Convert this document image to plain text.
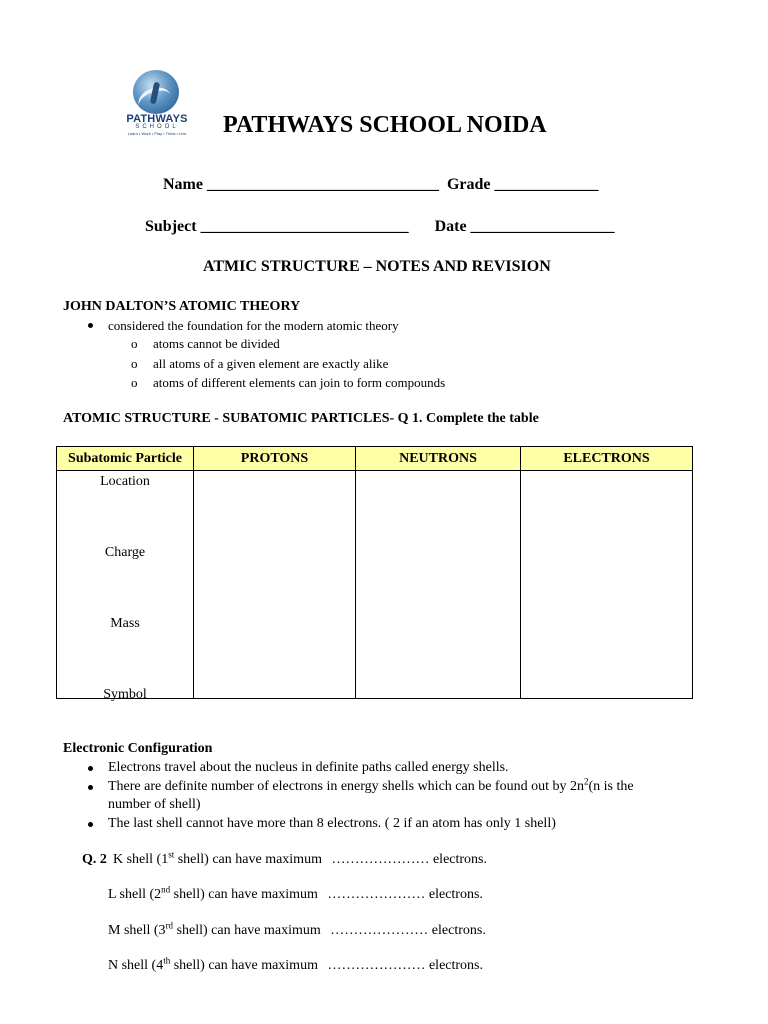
PATHWAYS
SCHOOL
Learn • Work • Play • Think • Live	PATHWAYS SCHOOL NOIDA
Name _____________________________ Grade _____________
Subject __________________________ Date __________________
ATMIC STRUCTURE – NOTES AND REVISION
JOHN DALTON’S ATOMIC THEORY
considered the foundation for the modern atomic theory
o atoms cannot be divided
o all atoms of a given element are exactly alike
o atoms of different elements can join to form compounds
ATOMIC STRUCTURE - SUBATOMIC PARTICLES- Q 1. Complete the table
Subatomic Particle	PROTONS	NEUTRONS	ELECTRONS

Location
Charge
Mass
Symbol			

Electronic Configuration
Electrons travel about the nucleus in definite paths called energy shells.
There are definite number of electrons in energy shells which can be found out by $2n^2(n$ is the
number of shell)
The last shell cannot have more than 8 electrons. ( 2 if an atom has only 1 shell)
Q. 2 K shell (1st shell) can have maximum ………………… electrons.
L shell (2nd shell) can have maximum ………………… electrons.
M shell (3rd shell) can have maximum ………………… electrons.
N shell (4th shell) can have maximum ………………… electrons.
